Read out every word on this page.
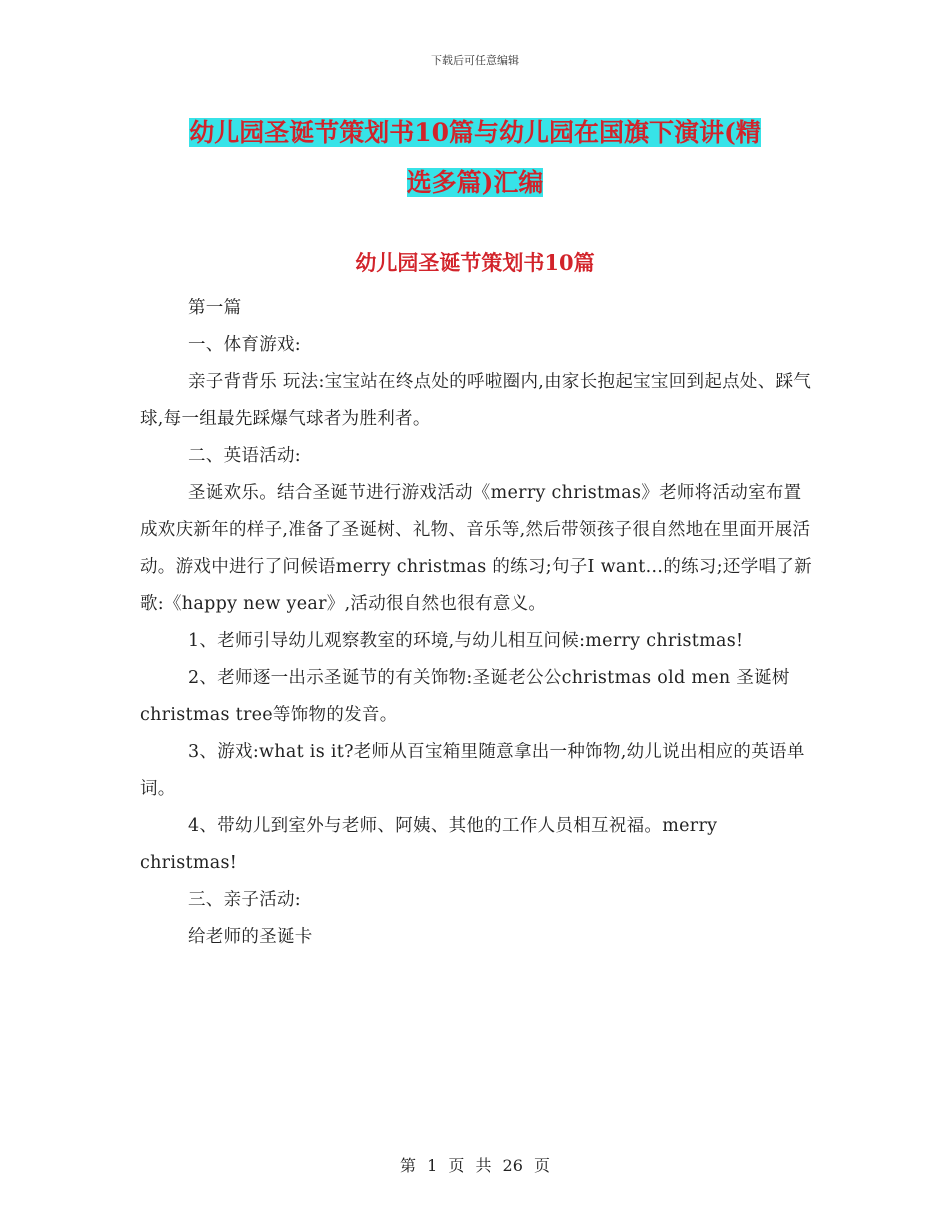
下载后可任意编辑
幼儿园圣诞节策划书10篇与幼儿园在国旗下演讲(精
选多篇)汇编
幼儿园圣诞节策划书10篇

第一篇

一、体育游戏:

亲子背背乐 玩法:宝宝站在终点处的呼啦圈内,由家长抱起宝宝回到起点处、踩气球,每一组最先踩爆气球者为胜利者。

二、英语活动:

圣诞欢乐。结合圣诞节进行游戏活动《merry christmas》老师将活动室布置成欢庆新年的样子,准备了圣诞树、礼物、音乐等,然后带领孩子很自然地在里面开展活动。游戏中进行了问候语merry christmas 的练习;句子I want…的练习;还学唱了新歌:《happy new year》,活动很自然也很有意义。

1、老师引导幼儿观察教室的环境,与幼儿相互问候:merry christmas!

2、老师逐一出示圣诞节的有关饰物:圣诞老公公christmas old men 圣诞树christmas tree等饰物的发音。

3、游戏:what is it?老师从百宝箱里随意拿出一种饰物,幼儿说出相应的英语单词。

4、带幼儿到室外与老师、阿姨、其他的工作人员相互祝福。merry christmas!

三、亲子活动:

给老师的圣诞卡

第 1 页 共 26 页
